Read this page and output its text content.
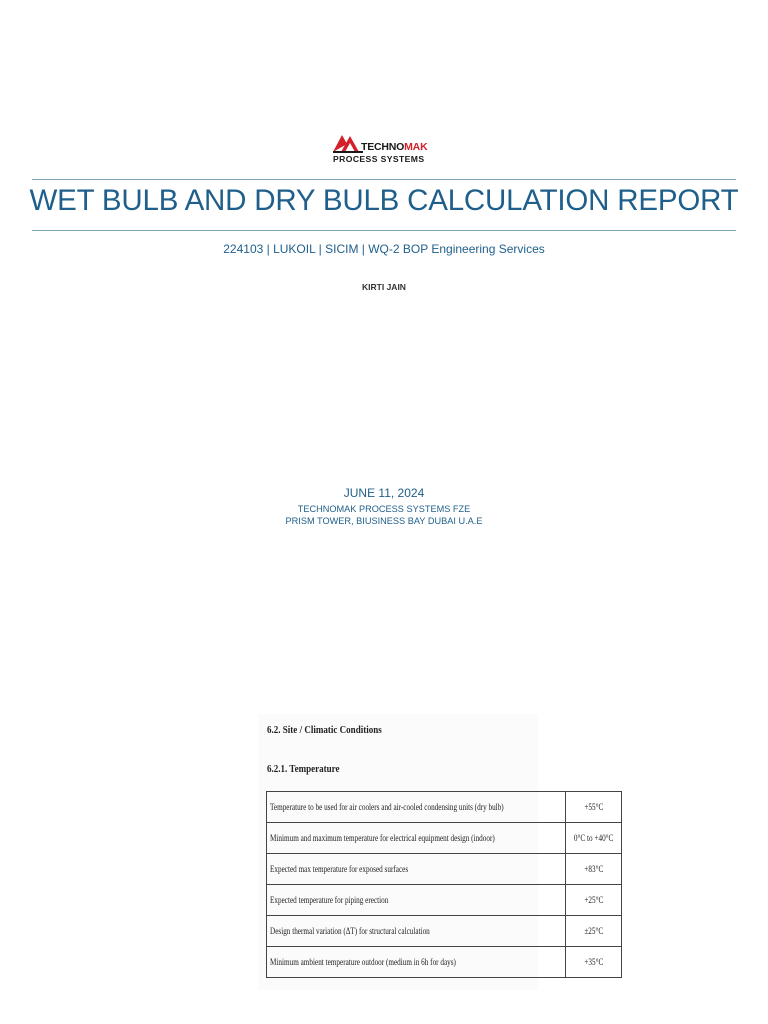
TECHNOMAK
PROCESS SYSTEMS
WET BULB AND DRY BULB CALCULATION REPORT
224103 | LUKOIL | SICIM | WQ-2 BOP Engineering Services
KIRTI JAIN
JUNE 11, 2024
TECHNOMAK PROCESS SYSTEMS FZE
PRISM TOWER, BIUSINESS BAY DUBAI U.A.E
6.2. Site / Climatic Conditions
6.2.1. Temperature
Temperature to be used for air coolers and air-cooled condensing units (dry bulb)	+55°C
Minimum and maximum temperature for electrical equipment design (indoor)	0°C to +40°C
Expected max temperature for exposed surfaces	+83°C
Expected temperature for piping erection	+25°C
Design thermal variation (ΔT) for structural calculation	±25°C
Minimum ambient temperature outdoor (medium in 6h for days)	+35°C
